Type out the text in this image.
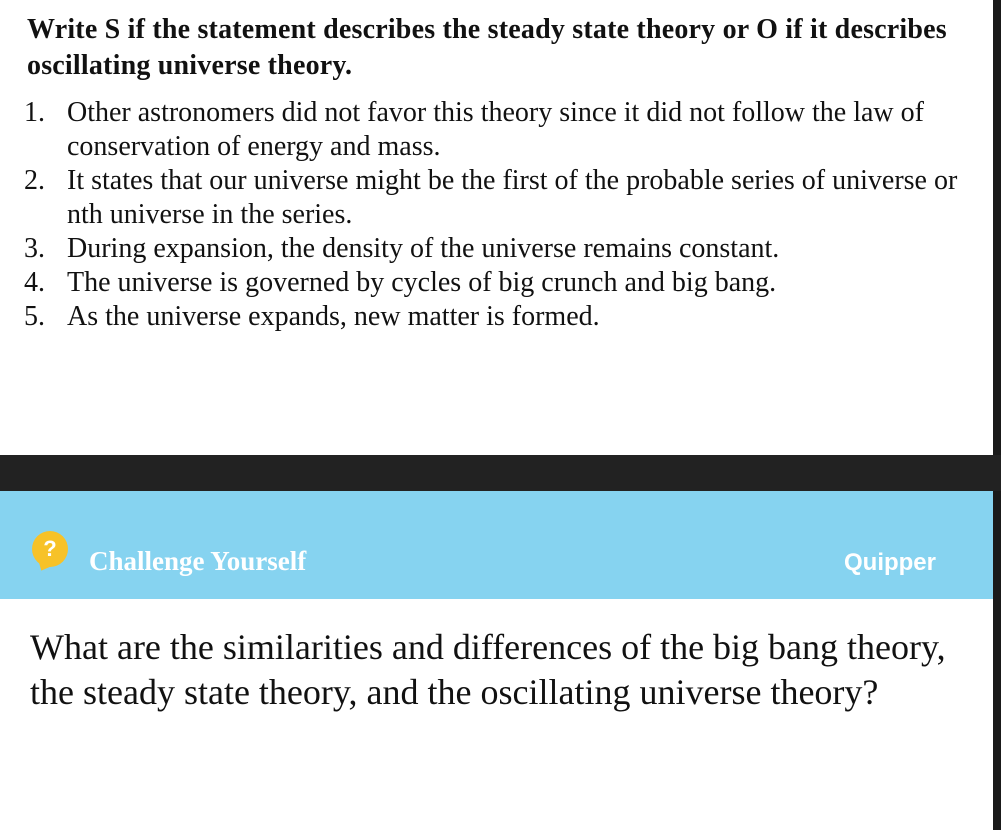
Write S if the statement describes the steady state theory or O if it describes oscillating universe theory.

1. Other astronomers did not favor this theory since it did not follow the law of conservation of energy and mass.
2. It states that our universe might be the first of the probable series of universe or nth universe in the series.
3. During expansion, the density of the universe remains constant.
4. The universe is governed by cycles of big crunch and big bang.
5. As the universe expands, new matter is formed.
?	Challenge Yourself	Quipper

What are the similarities and differences of the big bang theory, the steady state theory, and the oscillating universe theory?
